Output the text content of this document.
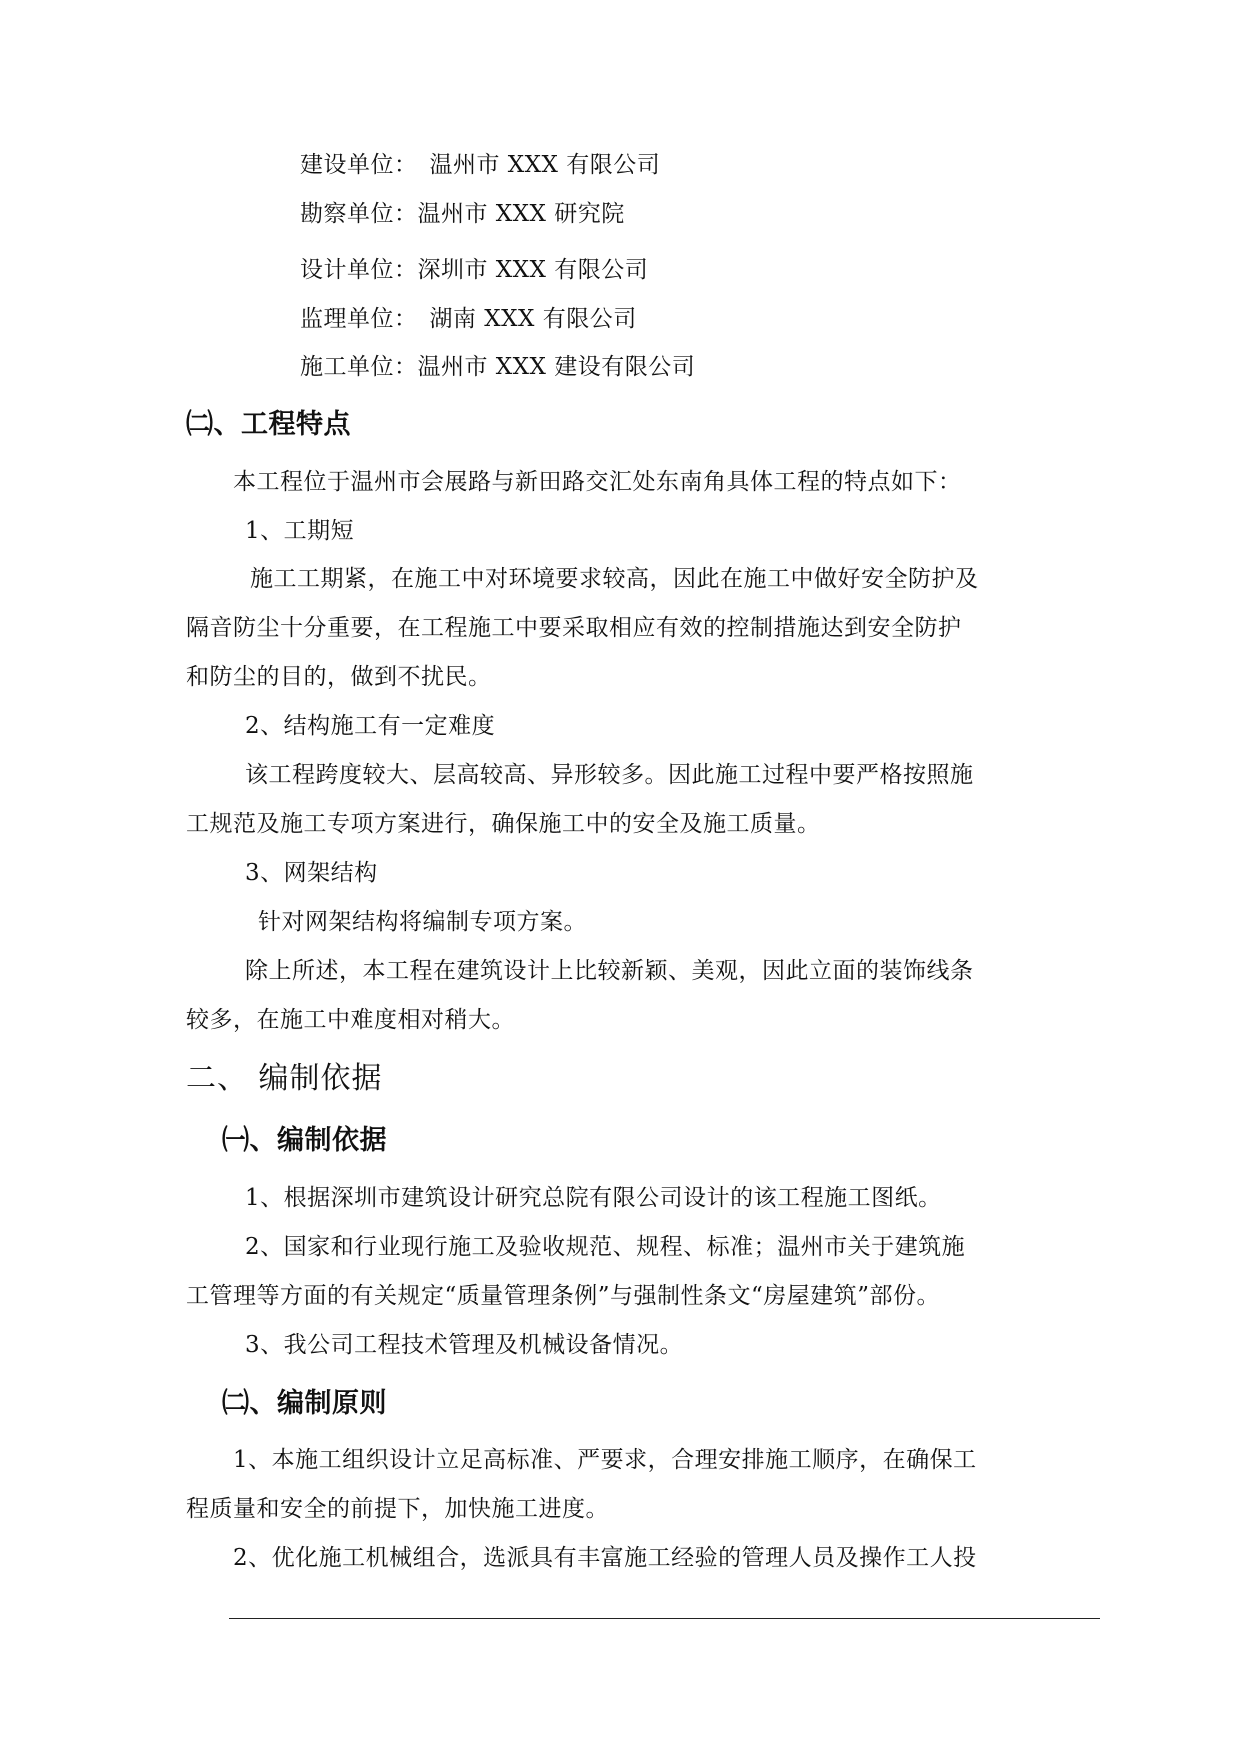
建设单位：　温州市 XXX 有限公司
勘察单位：温州市 XXX 研究院
设计单位：深圳市 XXX 有限公司
监理单位：　湖南 XXX 有限公司
施工单位：温州市 XXX 建设有限公司
㈡、工程特点
本工程位于温州市会展路与新田路交汇处东南角具体工程的特点如下：
1、工期短
施工工期紧，在施工中对环境要求较高，因此在施工中做好安全防护及
隔音防尘十分重要，在工程施工中要采取相应有效的控制措施达到安全防护
和防尘的目的，做到不扰民。
2、结构施工有一定难度
该工程跨度较大、层高较高、异形较多。因此施工过程中要严格按照施
工规范及施工专项方案进行，确保施工中的安全及施工质量。
3、网架结构
针对网架结构将编制专项方案。
除上所述，本工程在建筑设计上比较新颖、美观，因此立面的装饰线条
较多，在施工中难度相对稍大。
二、 编制依据
㈠、编制依据
1、根据深圳市建筑设计研究总院有限公司设计的该工程施工图纸。
2、国家和行业现行施工及验收规范、规程、标准；温州市关于建筑施
工管理等方面的有关规定“质量管理条例”与强制性条文“房屋建筑”部份。
3、我公司工程技术管理及机械设备情况。
㈡、编制原则
1、本施工组织设计立足高标准、严要求，合理安排施工顺序，在确保工
程质量和安全的前提下，加快施工进度。
2、优化施工机械组合，选派具有丰富施工经验的管理人员及操作工人投
